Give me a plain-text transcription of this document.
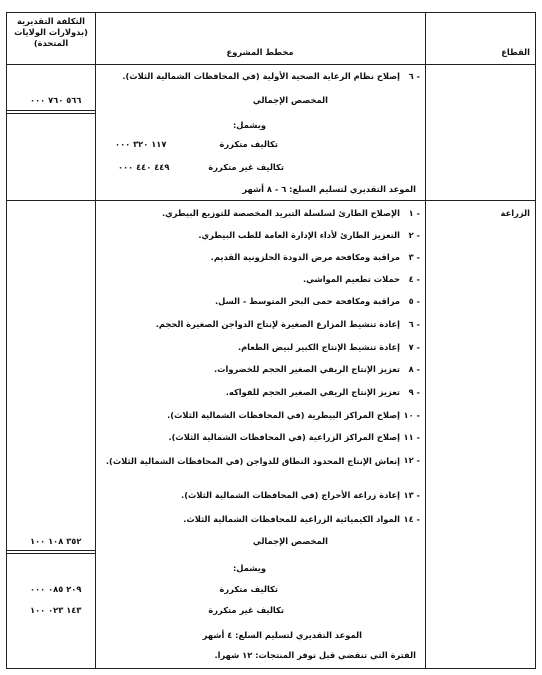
التكلفة التقديرية
(بدولارات الولايات
المتحدة)
مخطط المشروع	القطاع
٦ -
إصلاح نظام الرعاية الصحية الأولية (في المحافظات الشمالية الثلاث).
المخصص الإجمالي
٥٦٦ ٧٦٠ ٠٠٠
ويشمل:
تكاليف متكررة
١١٧ ٣٢٠ ٠٠٠
تكاليف غير متكررة
٤٤٩ ٤٤٠ ٠٠٠
الموعد التقديري لتسليم السلع: ٦ - ٨ أشهر
الزراعة
١ -
الإصلاح الطارئ لسلسلة التبريد المخصصة للتوزيع البيطري.
٢ -
التعزيز الطارئ لأداء الإدارة العامة للطب البيطري.
٣ -
مراقبة ومكافحة مرض الدودة الحلزونية القديم.
٤ -
حملات تطعيم المواشي.
٥ -
مراقبة ومكافحة حمى البحر المتوسط - السل.
٦ -
إعادة تنشيط المزارع الصغيرة لإنتاج الدواجن الصغيرة الحجم.
٧ -
إعادة تنشيط الإنتاج الكبير لبيض الطعام.
٨ -
تعزيز الإنتاج الريفي الصغير الحجم للخضروات.
٩ -
تعزيز الإنتاج الريفي الصغير الحجم للفواكه.
١٠ -
إصلاح المراكز البيطرية (في المحافظات الشمالية الثلاث).
١١ -
إصلاح المراكز الزراعية (في المحافظات الشمالية الثلاث).
١٢ -
إنعاش الإنتاج المحدود النطاق للدواجن (في المحافظات الشمالية الثلاث).
١٣ -
إعادة زراعة الأحراج (في المحافظات الشمالية الثلاث).
١٤ -
المواد الكيميائية الزراعية للمحافظات الشمالية الثلاث.
المخصص الإجمالي
٣٥٢ ١٠٨ ١٠٠
ويشمل:
تكاليف متكررة
٢٠٩ ٠٨٥ ٠٠٠
تكاليف غير متكررة
١٤٣ ٠٢٣ ١٠٠
الموعد التقديري لتسليم السلع: ٤ أشهر
الفترة التي تنقضي قبل توفر المنتجات: ١٢ شهرا.
